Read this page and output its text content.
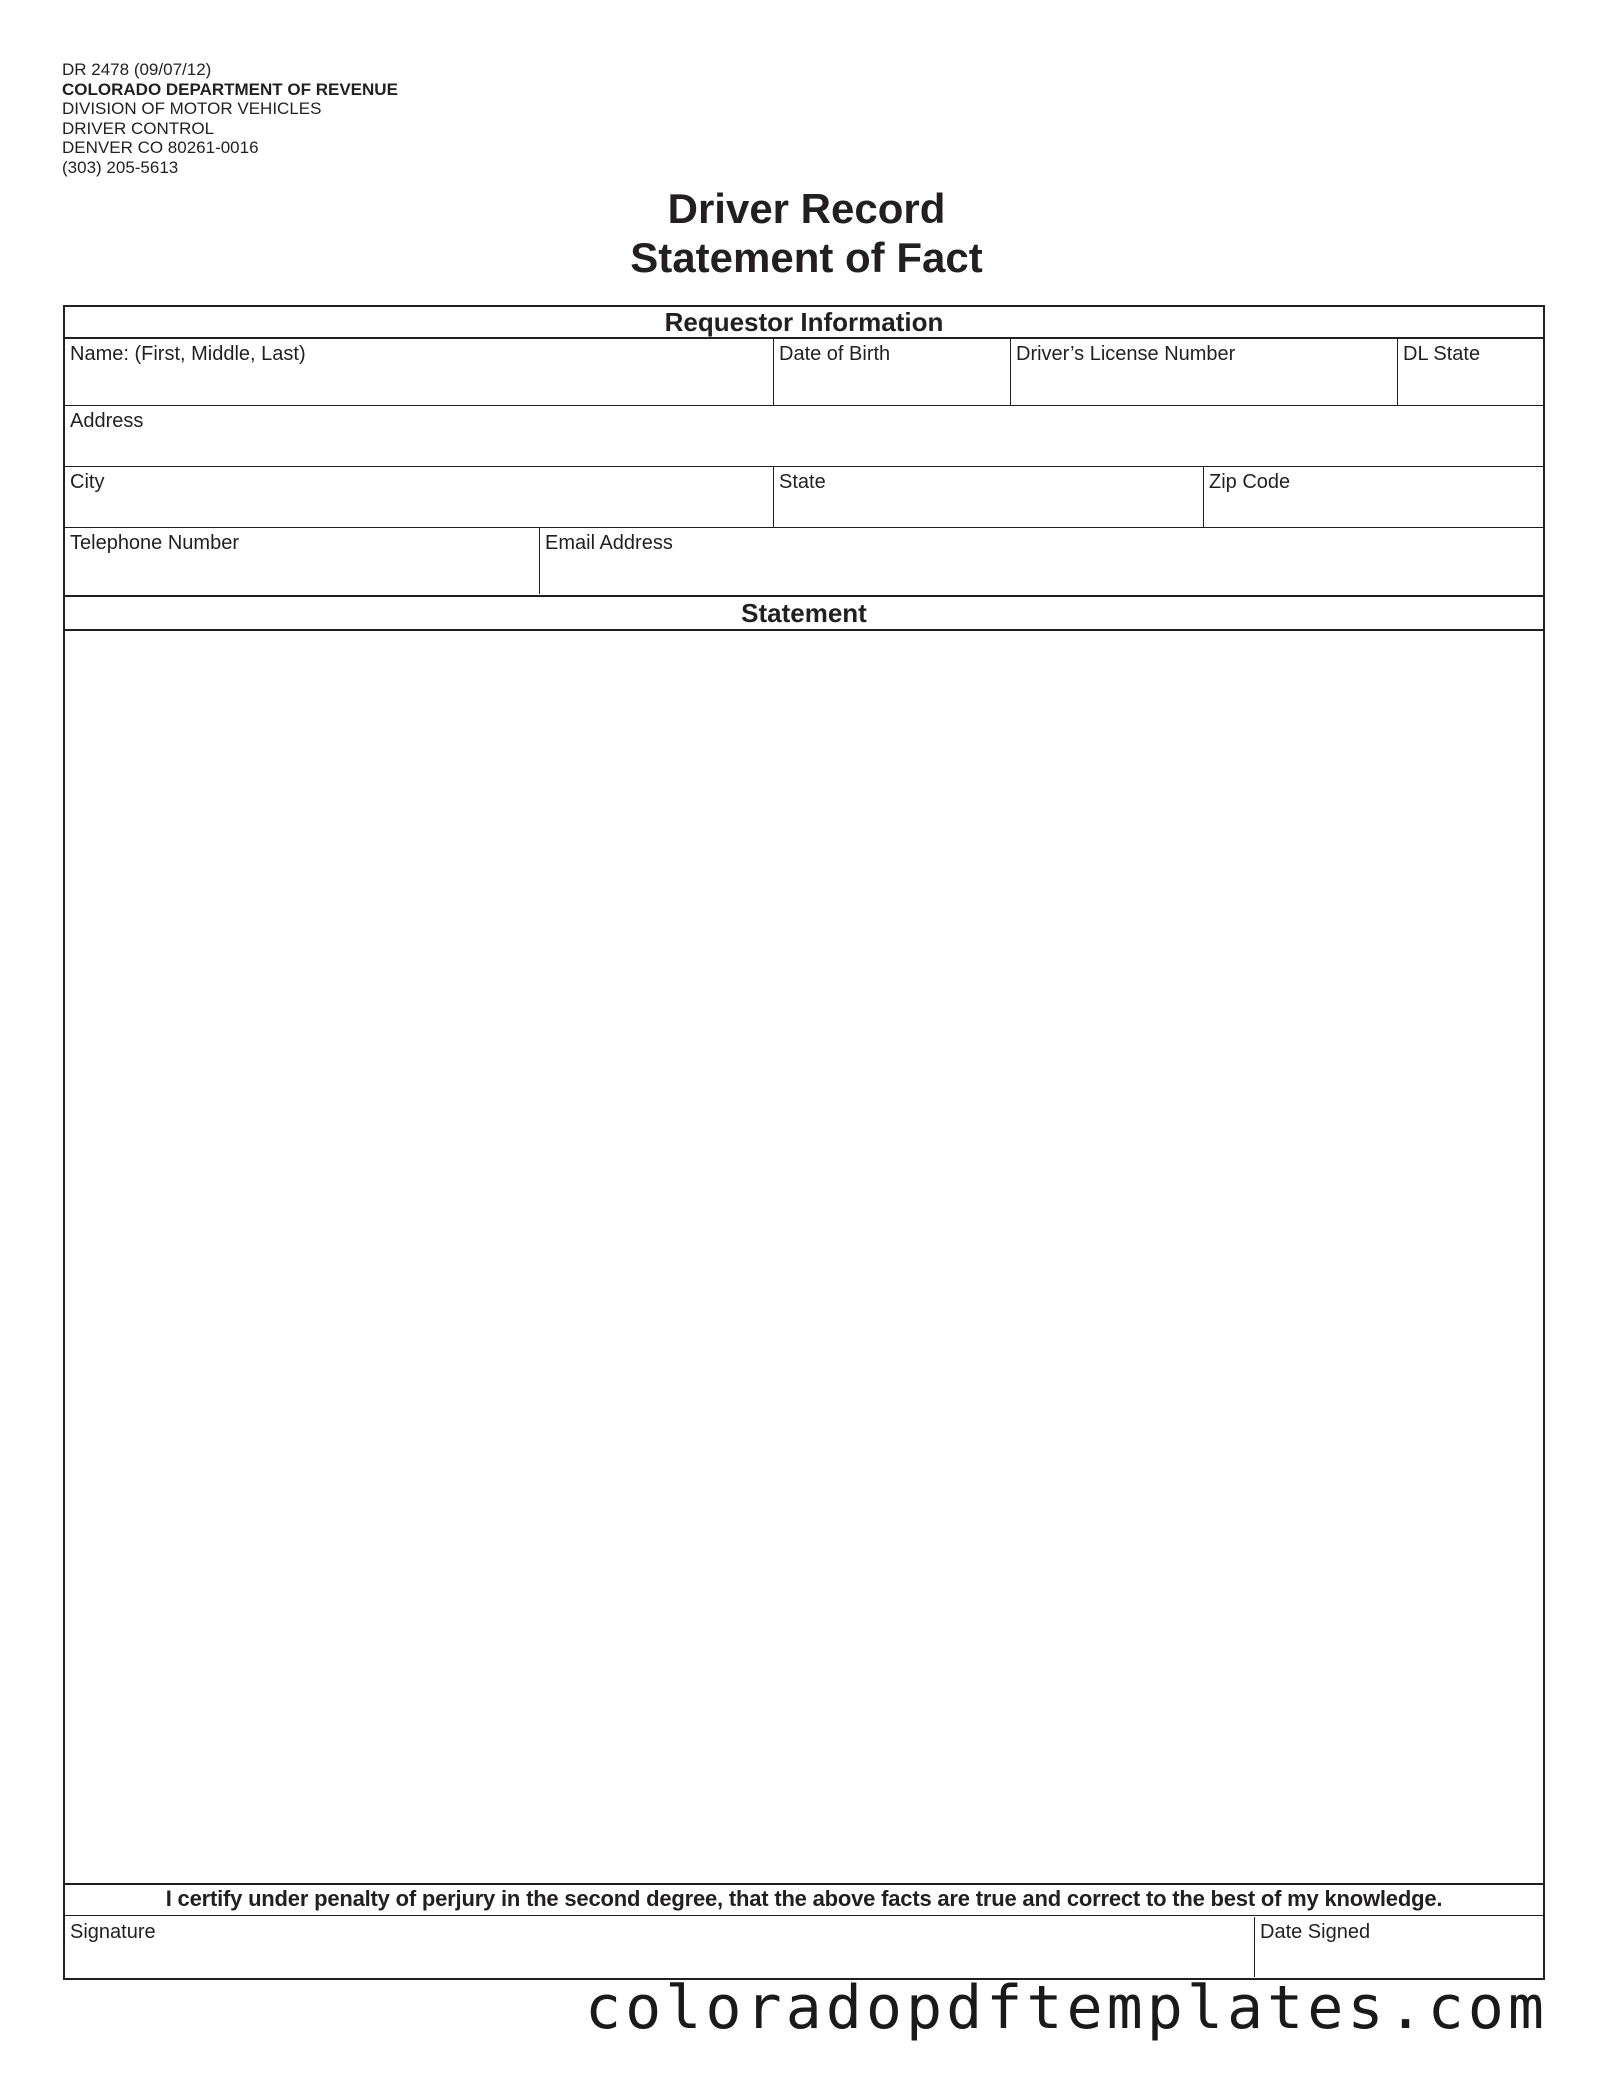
DR 2478 (09/07/12)
COLORADO DEPARTMENT OF REVENUE
DIVISION OF MOTOR VEHICLES
DRIVER CONTROL
DENVER CO 80261-0016
(303) 205-5613
Driver Record
Statement of Fact
Requestor Information
Name: (First, Middle, Last)	Date of Birth	Driver’s License Number	DL State
Address
City	State	Zip Code
Telephone Number	Email Address
Statement
I certify under penalty of perjury in the second degree, that the above facts are true and correct to the best of my knowledge.
Signature	Date Signed
coloradopdftemplates.com
